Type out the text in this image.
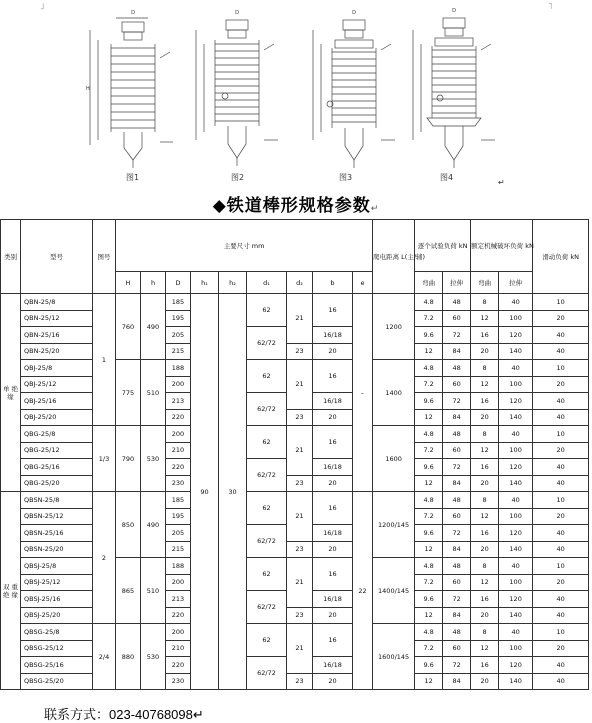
˩	˥
D
H
D	D	D
图1	图2	图3	图4
↵
◆铁道棒形规格参数↵
类别	型号	图号	主要尺寸 mm									爬电距离 L(主/辅)	逐个试验负荷 kN		额定机械破坏负荷 kN		滑动负荷 kN
			H	h	D	h₁	h₂	d₁	d₂	b	e		弯曲	拉伸	弯曲	拉伸	
单 绝 缘	QBN-25/8	1	760	490	185	90	30	62	21	16	–	1200	4.8	48	8	40	10
	QBN-25/12				195								7.2	60	12	100	20
	QBN-25/16				205			62/72		16/18			9.6	72	16	120	40
	QBN-25/20				215				23	20			12	84	20	140	40
	QBJ-25/8		775	510	188			62	21	16		1400	4.8	48	8	40	10
	QBJ-25/12				200								7.2	60	12	100	20
	QBJ-25/16				213			62/72		16/18			9.6	72	16	120	40
	QBJ-25/20				220				23	20			12	84	20	140	40
	QBG-25/8	1/3	790	530	200			62	21	16		1600	4.8	48	8	40	10
	QBG-25/12				210								7.2	60	12	100	20
	QBG-25/16				220			62/72		16/18			9.6	72	16	120	40
	QBG-25/20				230				23	20			12	84	20	140	40
双 重 绝 缘	QBSN-25/8	2	850	490	185			62	21	16	22	1200/145	4.8	48	8	40	10
	QBSN-25/12				195								7.2	60	12	100	20
	QBSN-25/16				205			62/72		16/18			9.6	72	16	120	40
	QBSN-25/20				215				23	20			12	84	20	140	40
	QBSJ-25/8		865	510	188			62	21	16		1400/145	4.8	48	8	40	10
	QBSJ-25/12				200								7.2	60	12	100	20
	QBSJ-25/16				213			62/72		16/18			9.6	72	16	120	40
	QBSJ-25/20				220				23	20			12	84	20	140	40
	QBSG-25/8	2/4	880	530	200			62	21	16		1600/145	4.8	48	8	40	10
	QBSG-25/12				210								7.2	60	12	100	20
	QBSG-25/16				220			62/72		16/18			9.6	72	16	120	40
	QBSG-25/20				230				23	20			12	84	20	140	40
联系方式：023-40768098↵
